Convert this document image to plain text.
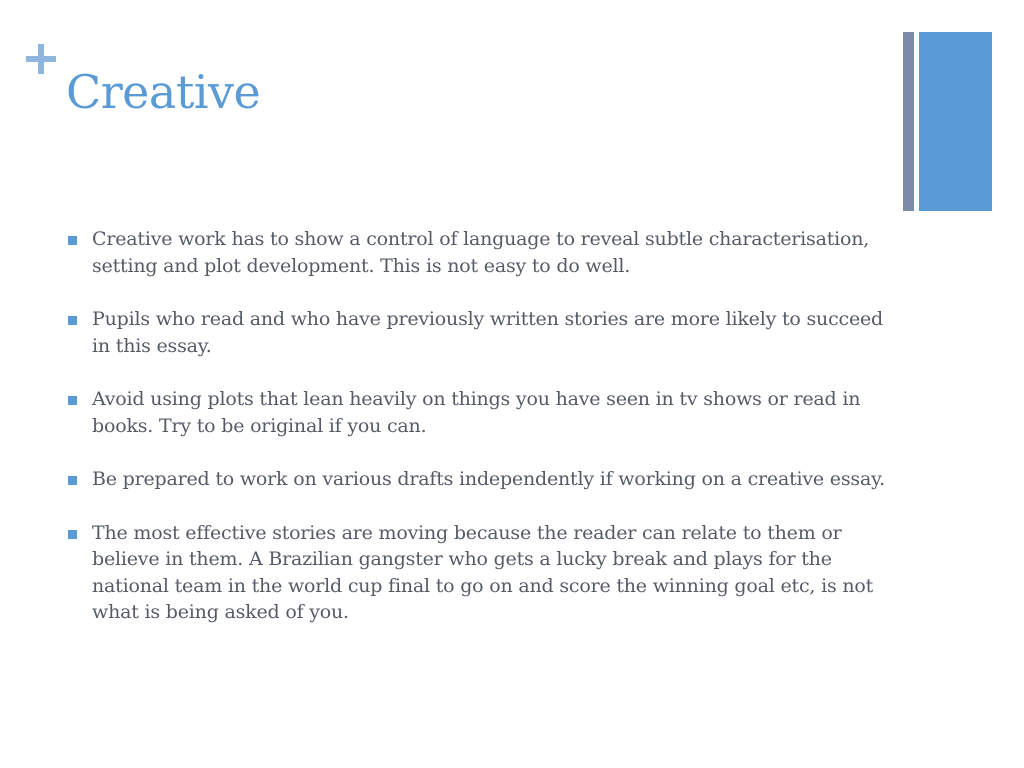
Creative
Creative work has to show a control of language to reveal subtle characterisation, setting and plot development. This is not easy to do well.
Pupils who read and who have previously written stories are more likely to succeed in this essay.
Avoid using plots that lean heavily on things you have seen in tv shows or read in books. Try to be original if you can.
Be prepared to work on various drafts independently if working on a creative essay.
The most effective stories are moving because the reader can relate to them or believe in them. A Brazilian gangster who gets a lucky break and plays for the national team in the world cup final to go on and score the winning goal etc, is not what is being asked of you.
